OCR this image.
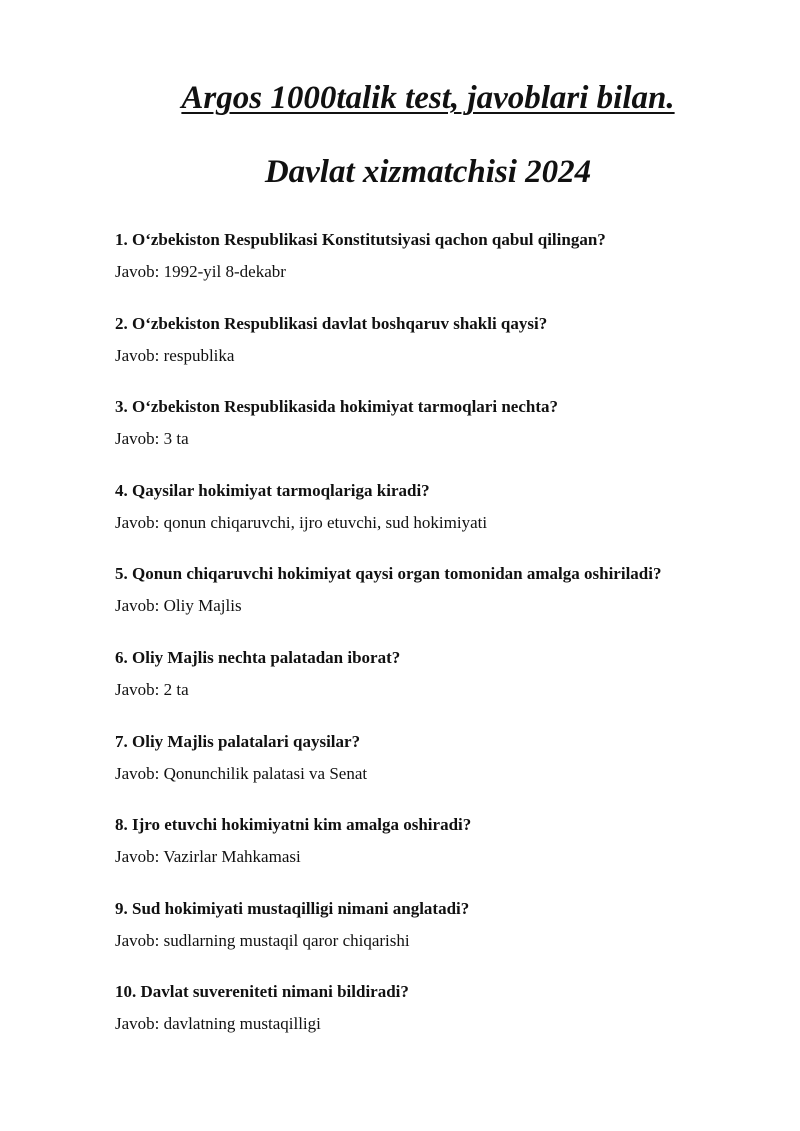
Argos 1000talik test, javoblari bilan.
Davlat xizmatchisi 2024

1. O‘zbekiston Respublikasi Konstitutsiyasi qachon qabul qilingan?

Javob: 1992-yil 8-dekabr

2. O‘zbekiston Respublikasi davlat boshqaruv shakli qaysi?

Javob: respublika

3. O‘zbekiston Respublikasida hokimiyat tarmoqlari nechta?

Javob: 3 ta

4. Qaysilar hokimiyat tarmoqlariga kiradi?

Javob: qonun chiqaruvchi, ijro etuvchi, sud hokimiyati

5. Qonun chiqaruvchi hokimiyat qaysi organ tomonidan amalga oshiriladi?

Javob: Oliy Majlis

6. Oliy Majlis nechta palatadan iborat?

Javob: 2 ta

7. Oliy Majlis palatalari qaysilar?

Javob: Qonunchilik palatasi va Senat

8. Ijro etuvchi hokimiyatni kim amalga oshiradi?

Javob: Vazirlar Mahkamasi

9. Sud hokimiyati mustaqilligi nimani anglatadi?

Javob: sudlarning mustaqil qaror chiqarishi

10. Davlat suvereniteti nimani bildiradi?

Javob: davlatning mustaqilligi
